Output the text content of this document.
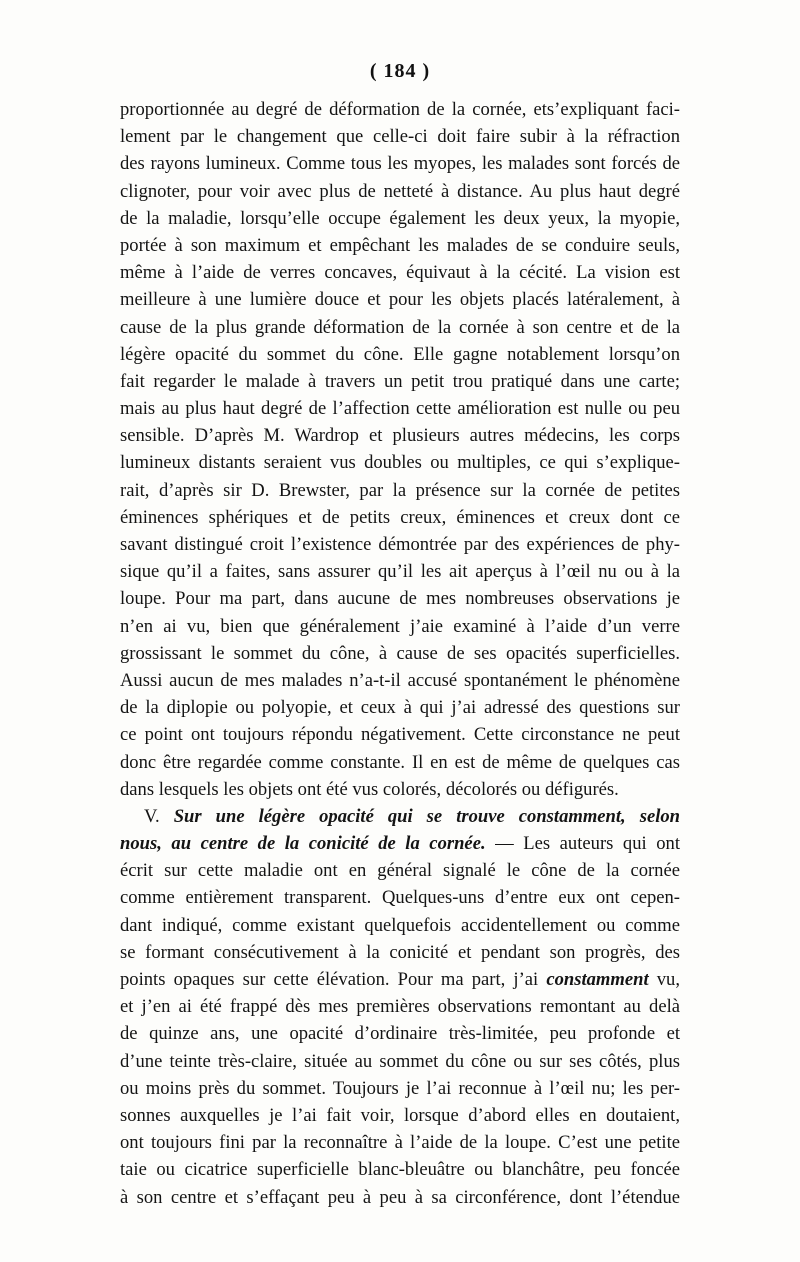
( 184 )
proportionnée au degré de déformation de la cornée, ets’expliquant faci-
lement par le changement que celle-ci doit faire subir à la réfraction
des rayons lumineux. Comme tous les myopes, les malades sont forcés de
clignoter, pour voir avec plus de netteté à distance. Au plus haut degré
de la maladie, lorsqu’elle occupe également les deux yeux, la myopie,
portée à son maximum et empêchant les malades de se conduire seuls,
même à l’aide de verres concaves, équivaut à la cécité. La vision est
meilleure à une lumière douce et pour les objets placés latéralement, à
cause de la plus grande déformation de la cornée à son centre et de la
légère opacité du sommet du cône. Elle gagne notablement lorsqu’on
fait regarder le malade à travers un petit trou pratiqué dans une carte;
mais au plus haut degré de l’affection cette amélioration est nulle ou peu
sensible. D’après M. Wardrop et plusieurs autres médecins, les corps
lumineux distants seraient vus doubles ou multiples, ce qui s’explique-
rait, d’après sir D. Brewster, par la présence sur la cornée de petites
éminences sphériques et de petits creux, éminences et creux dont ce
savant distingué croit l’existence démontrée par des expériences de phy-
sique qu’il a faites, sans assurer qu’il les ait aperçus à l’œil nu ou à la
loupe. Pour ma part, dans aucune de mes nombreuses observations je
n’en ai vu, bien que généralement j’aie examiné à l’aide d’un verre
grossissant le sommet du cône, à cause de ses opacités superficielles.
Aussi aucun de mes malades n’a-t-il accusé spontanément le phénomène
de la diplopie ou polyopie, et ceux à qui j’ai adressé des questions sur
ce point ont toujours répondu négativement. Cette circonstance ne peut
donc être regardée comme constante. Il en est de même de quelques cas
dans lesquels les objets ont été vus colorés, décolorés ou défigurés.
V. Sur une légère opacité qui se trouve constamment, selon
nous, au centre de la conicité de la cornée. — Les auteurs qui ont
écrit sur cette maladie ont en général signalé le cône de la cornée
comme entièrement transparent. Quelques-uns d’entre eux ont cepen-
dant indiqué, comme existant quelquefois accidentellement ou comme
se formant consécutivement à la conicité et pendant son progrès, des
points opaques sur cette élévation. Pour ma part, j’ai constamment vu,
et j’en ai été frappé dès mes premières observations remontant au delà
de quinze ans, une opacité d’ordinaire très-limitée, peu profonde et
d’une teinte très-claire, située au sommet du cône ou sur ses côtés, plus
ou moins près du sommet. Toujours je l’ai reconnue à l’œil nu; les per-
sonnes auxquelles je l’ai fait voir, lorsque d’abord elles en doutaient,
ont toujours fini par la reconnaître à l’aide de la loupe. C’est une petite
taie ou cicatrice superficielle blanc-bleuâtre ou blanchâtre, peu foncée
à son centre et s’effaçant peu à peu à sa circonférence, dont l’étendue
